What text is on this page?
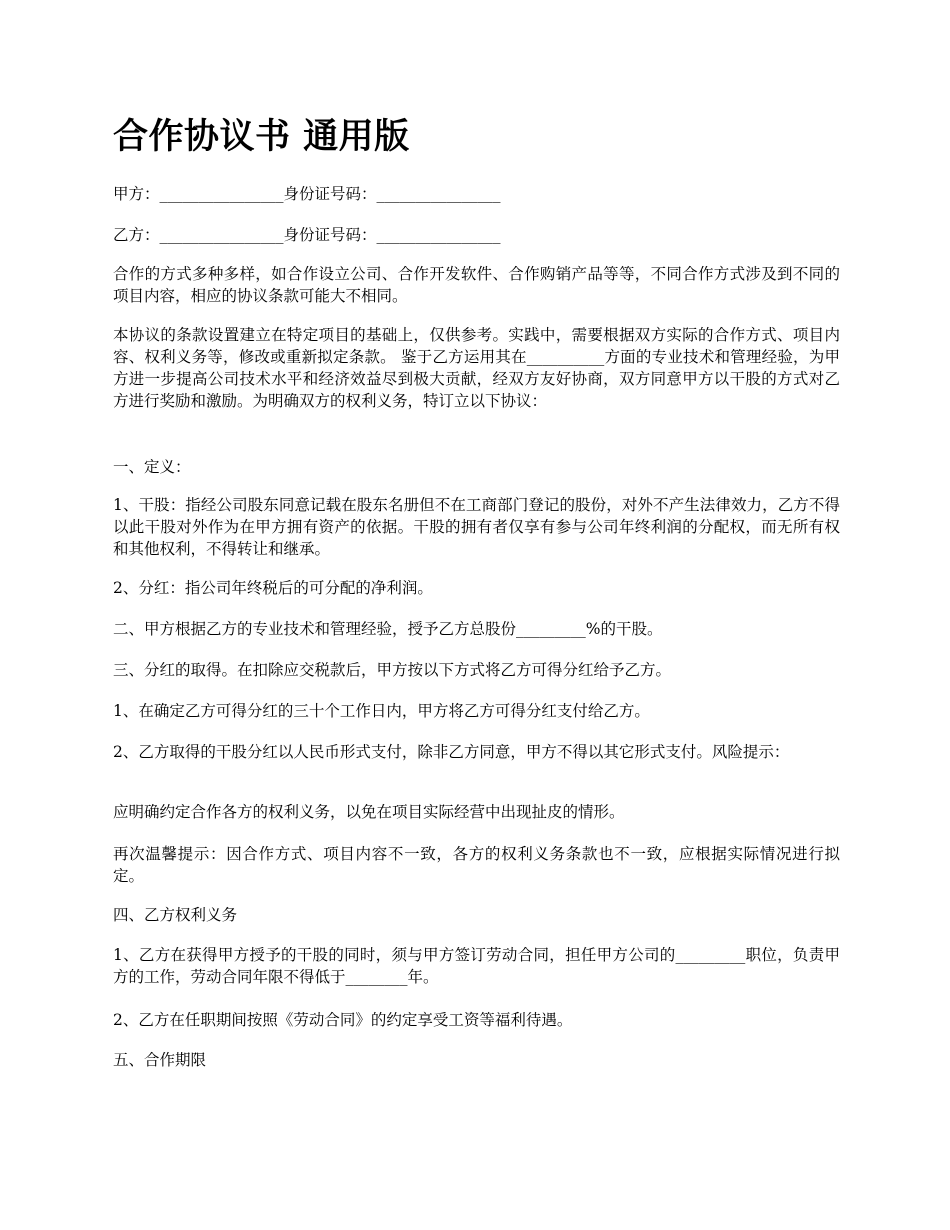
合作协议书 通用版

甲方：________________身份证号码：________________

乙方：________________身份证号码：________________

合作的方式多种多样，如合作设立公司、合作开发软件、合作购销产品等等，不同合作方式涉及到不同的项目内容，相应的协议条款可能大不相同。

本协议的条款设置建立在特定项目的基础上，仅供参考。实践中，需要根据双方实际的合作方式、项目内容、权利义务等，修改或重新拟定条款。 鉴于乙方运用其在__________方面的专业技术和管理经验，为甲方进一步提高公司技术水平和经济效益尽到极大贡献，经双方友好协商，双方同意甲方以干股的方式对乙方进行奖励和激励。为明确双方的权利义务，特订立以下协议：

一、定义：

1、干股：指经公司股东同意记载在股东名册但不在工商部门登记的股份，对外不产生法律效力，乙方不得以此干股对外作为在甲方拥有资产的依据。干股的拥有者仅享有参与公司年终利润的分配权，而无所有权和其他权利，不得转让和继承。

2、分红：指公司年终税后的可分配的净利润。

二、甲方根据乙方的专业技术和管理经验，授予乙方总股份_________%的干股。

三、分红的取得。在扣除应交税款后，甲方按以下方式将乙方可得分红给予乙方。

1、在确定乙方可得分红的三十个工作日内，甲方将乙方可得分红支付给乙方。

2、乙方取得的干股分红以人民币形式支付，除非乙方同意，甲方不得以其它形式支付。风险提示：

应明确约定合作各方的权利义务，以免在项目实际经营中出现扯皮的情形。

再次温馨提示：因合作方式、项目内容不一致，各方的权利义务条款也不一致，应根据实际情况进行拟定。

四、乙方权利义务

1、乙方在获得甲方授予的干股的同时，须与甲方签订劳动合同，担任甲方公司的_________职位，负责甲方的工作，劳动合同年限不得低于________年。

2、乙方在任职期间按照《劳动合同》的约定享受工资等福利待遇。

五、合作期限
